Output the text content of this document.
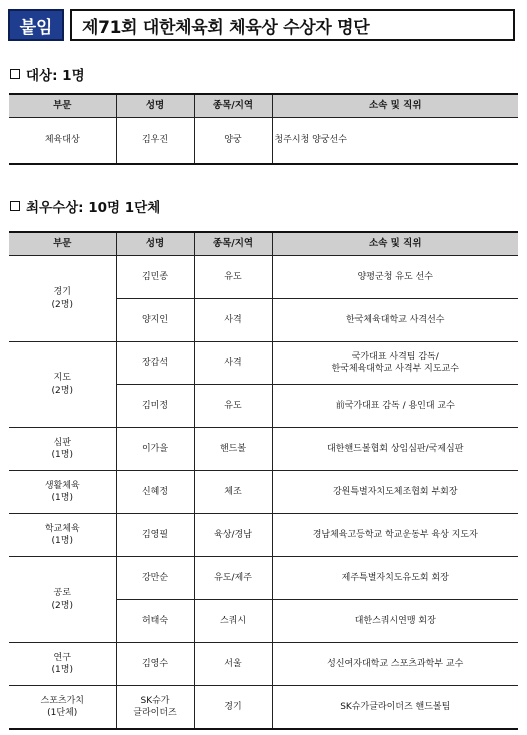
붙임	제71회 대한체육회 체육상 수상자 명단
대상: 1명
부문	성명	종목/지역	소속 및 직위
체육대상	김우진	양궁	청주시청 양궁선수
최우수상: 10명 1단체
부문	성명	종목/지역	소속 및 직위
경기
(2명)	김민종	유도	양평군청 유도 선수
	양지인	사격	한국체육대학교 사격선수
지도
(2명)	장갑석	사격	국가대표 사격팀 감독/
한국체육대학교 사격부 지도교수
	김미정	유도	前국가대표 감독 / 용인대 교수
심판
(1명)	이가을	핸드볼	대한핸드볼협회 상임심판/국제심판
생활체육
(1명)	신혜정	체조	강원특별자치도체조협회 부회장
학교체육
(1명)	김영필	육상/경남	경남체육고등학교 학교운동부 육상 지도자
공로
(2명)	강만순	유도/제주	제주특별자치도유도회 회장
	허태숙	스쿼시	대한스쿼시연맹 회장
연구
(1명)	김영수	서울	성신여자대학교 스포츠과학부 교수
스포츠가치
(1단체)	SK슈가
글라이더즈	경기	SK슈가글라이더즈 핸드볼팀
